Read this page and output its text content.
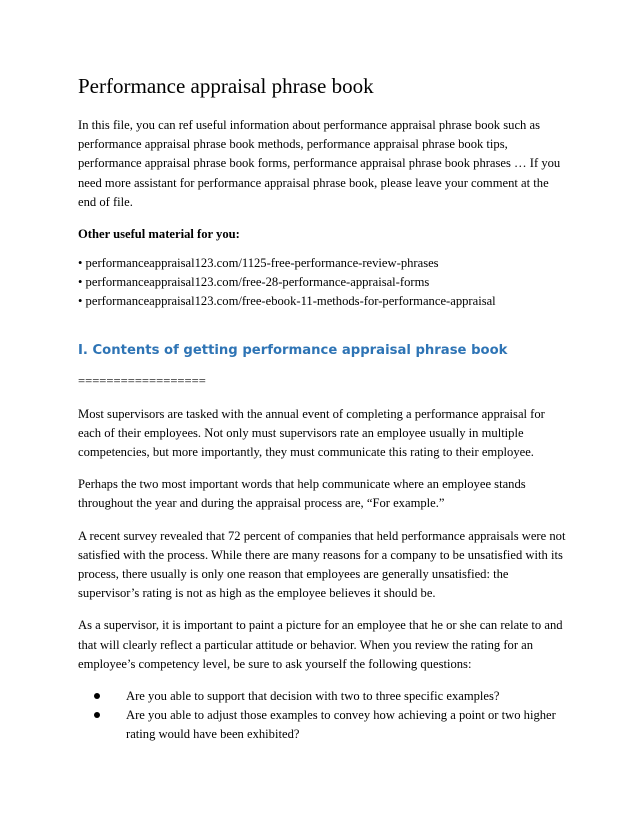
Performance appraisal phrase book

In this file, you can ref useful information about performance appraisal phrase book such as performance appraisal phrase book methods, performance appraisal phrase book tips, performance appraisal phrase book forms, performance appraisal phrase book phrases … If you need more assistant for performance appraisal phrase book, please leave your comment at the end of file.

Other useful material for you:
• performanceappraisal123.com/1125-free-performance-review-phrases
• performanceappraisal123.com/free-28-performance-appraisal-forms
• performanceappraisal123.com/free-ebook-11-methods-for-performance-appraisal
I. Contents of getting performance appraisal phrase book
==================

Most supervisors are tasked with the annual event of completing a performance appraisal for each of their employees. Not only must supervisors rate an employee usually in multiple competencies, but more importantly, they must communicate this rating to their employee.

Perhaps the two most important words that help communicate where an employee stands throughout the year and during the appraisal process are, “For example.”

A recent survey revealed that 72 percent of companies that held performance appraisals were not satisfied with the process. While there are many reasons for a company to be unsatisfied with its process, there usually is only one reason that employees are generally unsatisfied: the supervisor’s rating is not as high as the employee believes it should be.

As a supervisor, it is important to paint a picture for an employee that he or she can relate to and that will clearly reflect a particular attitude or behavior. When you review the rating for an employee’s competency level, be sure to ask yourself the following questions:

Are you able to support that decision with two to three specific examples?
Are you able to adjust those examples to convey how achieving a point or two higher rating would have been exhibited?
